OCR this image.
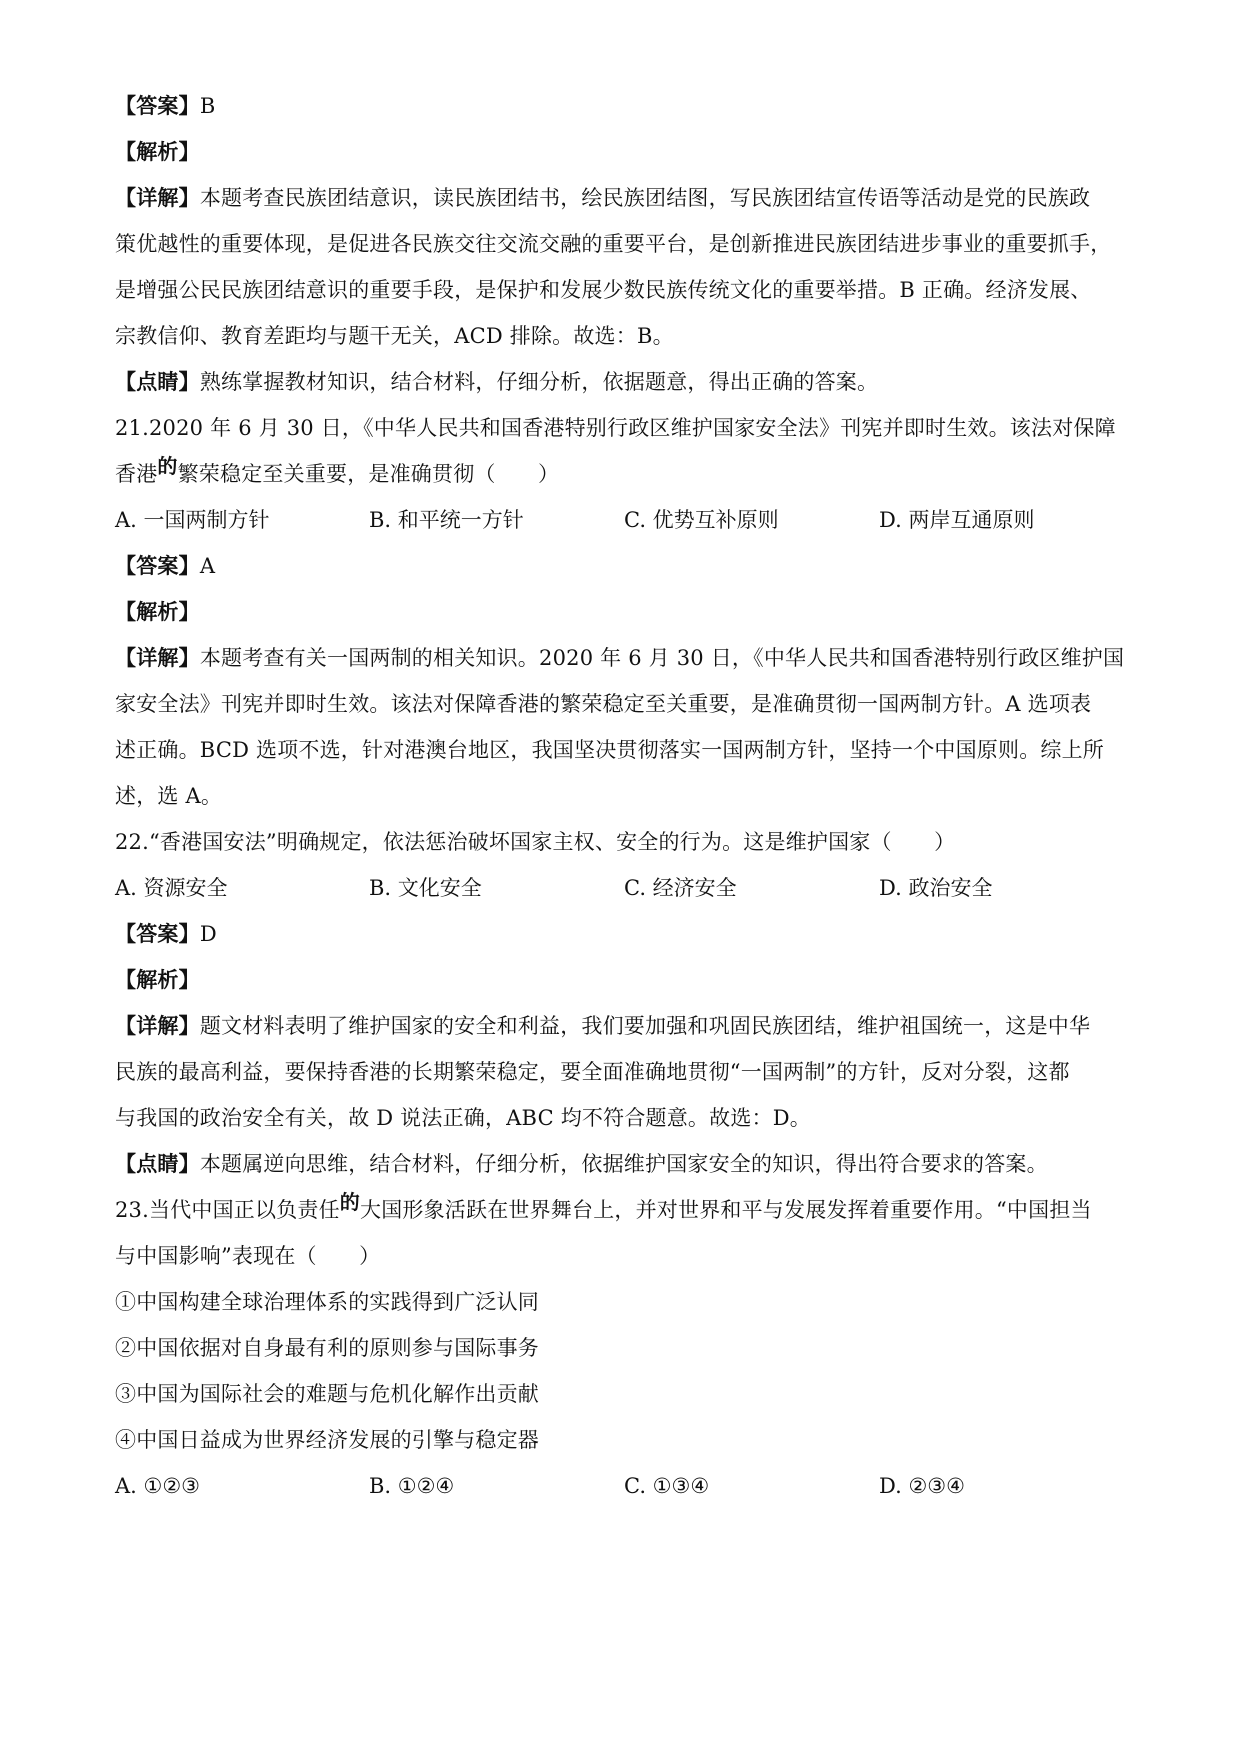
【答案】B
【解析】
【详解】本题考查民族团结意识，读民族团结书，绘民族团结图，写民族团结宣传语等活动是党的民族政
策优越性的重要体现，是促进各民族交往交流交融的重要平台，是创新推进民族团结进步事业的重要抓手，
是增强公民民族团结意识的重要手段，是保护和发展少数民族传统文化的重要举措。B 正确。经济发展、
宗教信仰、教育差距均与题干无关，ACD 排除。故选：B。
【点睛】熟练掌握教材知识，结合材料，仔细分析，依据题意，得出正确的答案。
21.2020 年 6 月 30 日，《中华人民共和国香港特别行政区维护国家安全法》刊宪并即时生效。该法对保障
香港的繁荣稳定至关重要，是准确贯彻（　　）
A. 一国两制方针	B. 和平统一方针	C. 优势互补原则	D. 两岸互通原则
【答案】A
【解析】
【详解】本题考查有关一国两制的相关知识。2020 年 6 月 30 日，《中华人民共和国香港特别行政区维护国
家安全法》刊宪并即时生效。该法对保障香港的繁荣稳定至关重要，是准确贯彻一国两制方针。A 选项表
述正确。BCD 选项不选，针对港澳台地区，我国坚决贯彻落实一国两制方针，坚持一个中国原则。综上所
述，选 A。
22.“香港国安法”明确规定，依法惩治破坏国家主权、安全的行为。这是维护国家（　　）
A. 资源安全	B. 文化安全	C. 经济安全	D. 政治安全
【答案】D
【解析】
【详解】题文材料表明了维护国家的安全和利益，我们要加强和巩固民族团结，维护祖国统一，这是中华
民族的最高利益，要保持香港的长期繁荣稳定，要全面准确地贯彻“一国两制”的方针，反对分裂，这都
与我国的政治安全有关，故 D 说法正确，ABC 均不符合题意。故选：D。
【点睛】本题属逆向思维，结合材料，仔细分析，依据维护国家安全的知识，得出符合要求的答案。
23.当代中国正以负责任的大国形象活跃在世界舞台上，并对世界和平与发展发挥着重要作用。“中国担当
与中国影响”表现在（　　）
①中国构建全球治理体系的实践得到广泛认同
②中国依据对自身最有利的原则参与国际事务
③中国为国际社会的难题与危机化解作出贡献
④中国日益成为世界经济发展的引擎与稳定器
A. ①②③	B. ①②④	C. ①③④	D. ②③④
